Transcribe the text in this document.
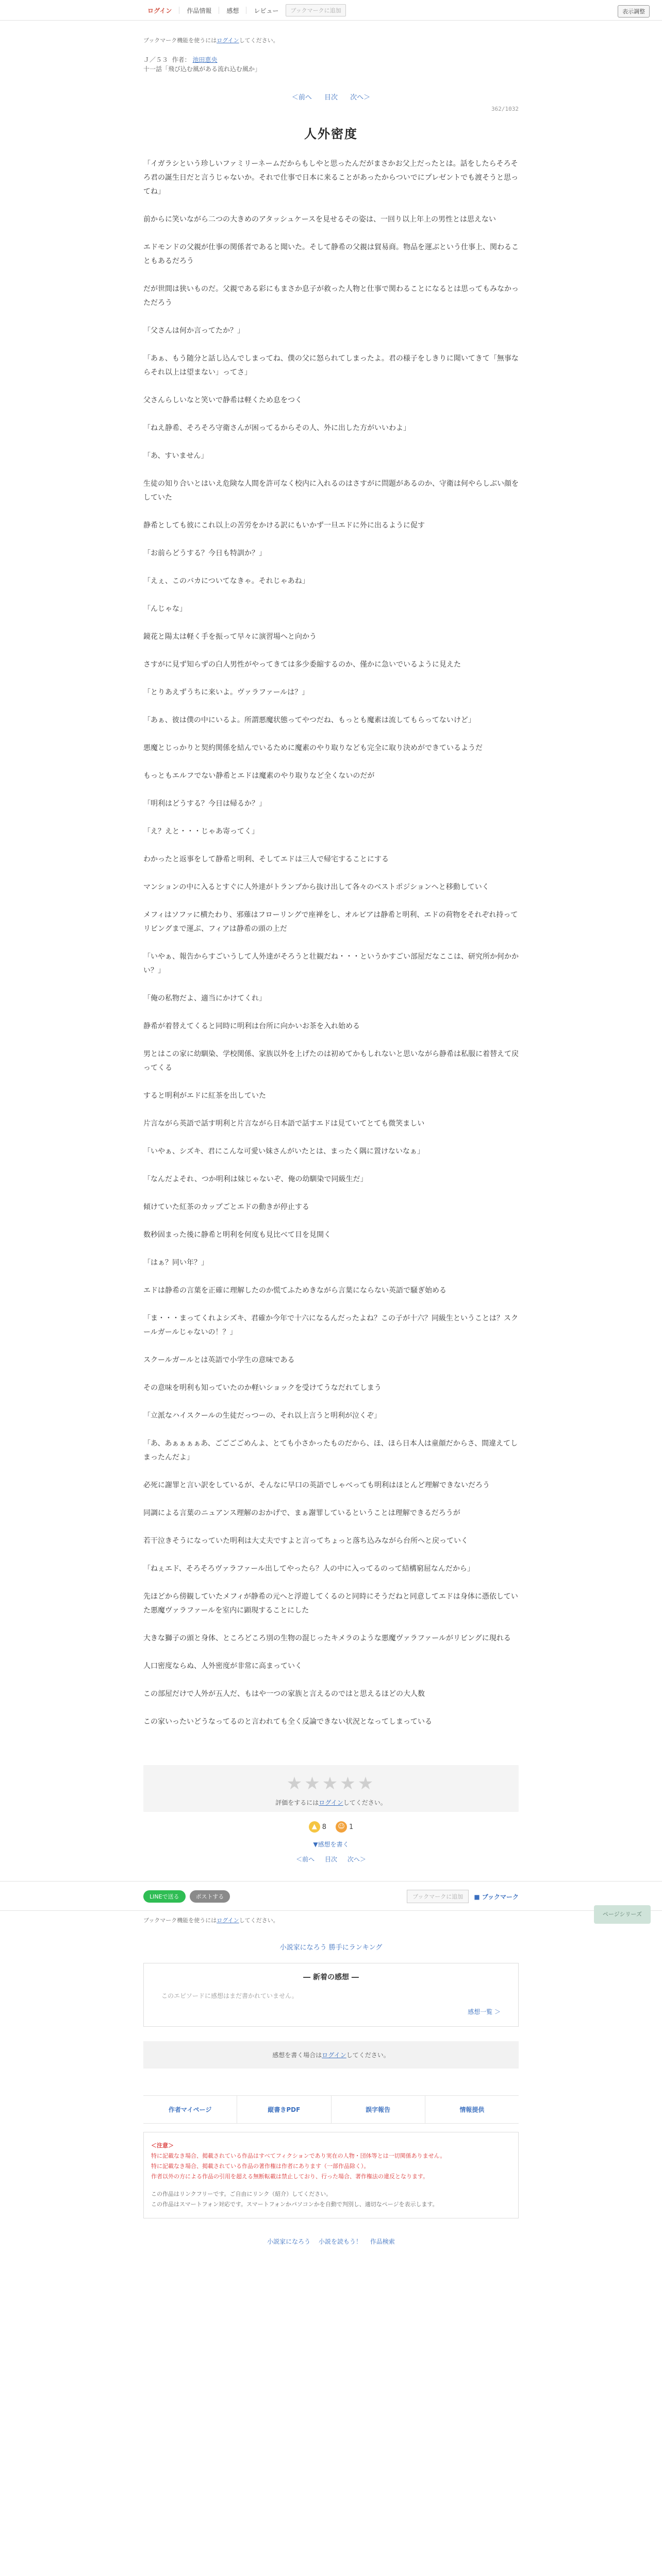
ログイン	作品情報	感想	レビュー	ブックマークに追加	表示調整
ブックマーク機能を使うにはログインしてください。
Ｊ／５３ 作者： 池田恵央
十一話「飛び込む風がある流れ込む風か」
＜前へ 目次 次へ＞
362/1032
人外密度

「イガラシという珍しいファミリーネームだからもしやと思ったんだがまさかお父上だったとは。話をしたらそろそろ君の誕生日だと言うじゃないか。それで仕事で日本に来ることがあったからついでにプレゼントでも渡そうと思ってね」

前からに笑いながら二つの大きめのアタッシュケースを見せるその姿は、一回り以上年上の男性とは思えない

エドモンドの父親が仕事の関係者であると聞いた。そして静希の父親は貿易商。物品を運ぶという仕事上、関わることもあるだろう

だが世間は狭いものだ。父親である彩にもまさか息子が救った人物と仕事で関わることになるとは思ってもみなかっただろう

「父さんは何か言ってたか？」

「あぁ、もう随分と話し込んでしまってね、僕の父に怒られてしまったよ。君の様子をしきりに聞いてきて「無事ならそれ以上は望まない」ってさ」

父さんらしいなと笑いで静希は軽くため息をつく

「ねえ静希、そろそろ守衛さんが困ってるからその人、外に出した方がいいわよ」

「あ、すいません」

生徒の知り合いとはいえ危険な人間を許可なく校内に入れるのはさすがに問題があるのか、守衛は何やらしぶい顔をしていた

静希としても彼にこれ以上の苦労をかける訳にもいかず一旦エドに外に出るように促す

「お前らどうする？今日も特訓か？」

「えぇ、このバカについてなきゃ。それじゃあね」

「んじゃな」

鏡花と陽太は軽く手を振って早々に演習場へと向かう

さすがに見ず知らずの白人男性がやってきては多少委縮するのか、僅かに急いでいるように見えた

「とりあえずうちに来いよ。ヴァラファールは？」

「あぁ、彼は僕の中にいるよ。所謂悪魔状態ってやつだね、もっとも魔素は流してもらってないけど」

悪魔とじっかりと契約関係を結んでいるために魔素のやり取りなども完全に取り決めができているようだ

もっともエルフでない静希とエドは魔素のやり取りなど全くないのだが

「明利はどうする？今日は帰るか？」

「え？えと・・・じゃあ寄ってく」

わかったと返事をして静希と明利、そしてエドは三人で帰宅することにする

マンションの中に入るとすぐに人外達がトランプから抜け出して各々のベストポジションへと移動していく

メフィはソファに横たわり、邪薙はフローリングで座禅をし、オルビアは静希と明利、エドの荷物をそれぞれ持ってリビングまで運ぶ、フィアは静希の頭の上だ

「いやぁ、報告からすごいうして人外達がそろうと壮観だね・・・というかすごい部屋だなここは、研究所か何かかい？」

「俺の私物だよ、適当にかけてくれ」

静希が着替えてくると同時に明利は台所に向かいお茶を入れ始める

男とはこの家に幼馴染、学校関係、家族以外を上げたのは初めてかもしれないと思いながら静希は私服に着替えて戻ってくる

すると明利がエドに紅茶を出していた

片言ながら英語で話す明利と片言ながら日本語で話すエドは見ていてとても微笑ましい

「いやぁ、シズキ、君にこんな可愛い妹さんがいたとは、まったく隅に置けないなぁ」

「なんだよそれ、つか明利は妹じゃないぞ、俺の幼馴染で同級生だ」

傾けていた紅茶のカップごとエドの動きが停止する

数秒固まった後に静希と明利を何度も見比べて目を見開く

「はぁ？同い年？」

エドは静希の言葉を正確に理解したのか慌てふためきながら言葉にならない英語で騒ぎ始める

「ま・・・まってくれよシズキ、君確か今年で十六になるんだったよね？この子が十六？同級生ということは？スクールガールじゃないの！？」

スクールガールとは英語で小学生の意味である

その意味を明利も知っていたのか軽いショックを受けてうなだれてしまう

「立派なハイスクールの生徒だっつーの、それ以上言うと明利が泣くぞ」

「あ、あぁぁぁぁあ、ごごごごめんよ、とても小さかったものだから、ほ、ほら日本人は童顔だからさ、間違えてしまったんだよ」

必死に謝罪と言い訳をしているが、そんなに早口の英語でしゃべっても明利はほとんど理解できないだろう

同調による言葉のニュアンス理解のおかげで、まぁ謝罪しているということは理解できるだろうが

若干泣きそうになっていた明利は大丈夫ですよと言ってちょっと落ち込みながら台所へと戻っていく

「ねぇエド、そろそろヴァラファール出してやったら？人の中に入ってるのって結構窮屈なんだから」

先ほどから傍観していたメフィが静希の元へと浮遊してくるのと同時にそうだねと同意してエドは身体に憑依していた悪魔ヴァラファールを室内に顕現することにした

大きな獅子の頭と身体、ところどころ別の生物の混じったキメラのような悪魔ヴァラファールがリビングに現れる

人口密度ならぬ、人外密度が非常に高まっていく

この部屋だけで人外が五人だ、もはや一つの家族と言えるのではと思えるほどの大人数

この家いったいどうなってるのと言われても全く反論できない状況となってしまっている

★★★★★
評価をするにはログインしてください。
▲ 8	☺ 1
▼感想を書く
＜前へ 目次 次へ＞
LINEで送る	ポストする	ブックマークに追加	■ ブックマーク
ブックマーク機能を使うにはログインしてください。
小説家になろう 勝手にランキング
― 新着の感想 ―
このエピソードに感想はまだ書かれていません。
感想一覧 ＞
感想を書く場合はログインしてください。
作者マイページ	縦書きPDF	誤字報告	情報提供
＜注意＞
特に記載なき場合、掲載されている作品はすべてフィクションであり実在の人物・団体等とは一切関係ありません。
特に記載なき場合、掲載されている作品の著作権は作者にあります（一部作品除く）。
作者以外の方による作品の引用を超える無断転載は禁止しており、行った場合、著作権法の違反となります。
この作品はリンクフリーです。ご自由にリンク（紹介）してください。
この作品はスマートフォン対応です。スマートフォンかパソコンかを自動で判別し、適切なページを表示します。
小説家になろう 小説を読もう！ 作品検索
ページシリーズ
